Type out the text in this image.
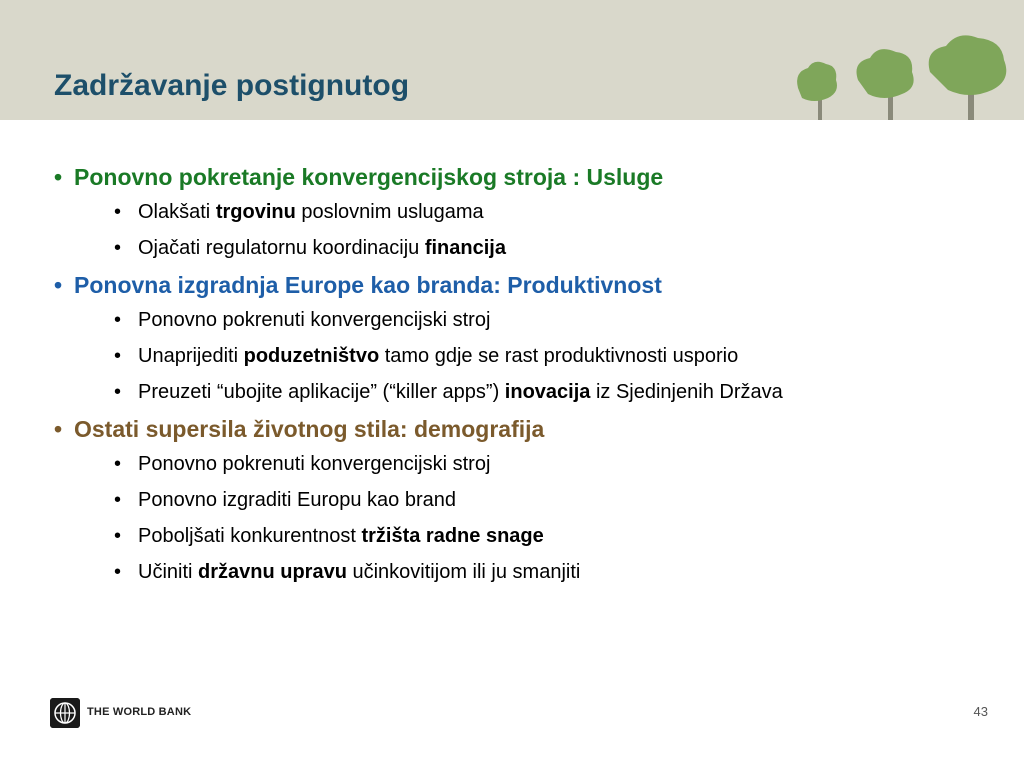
Zadržavanje postignutog
• Ponovno pokretanje konvergencijskog stroja : Usluge
• Olakšati trgovinu poslovnim uslugama
• Ojačati regulatornu koordinaciju financija
• Ponovna izgradnja Europe kao branda: Produktivnost
• Ponovno pokrenuti konvergencijski stroj
• Unaprijediti poduzetništvo tamo gdje se rast produktivnosti usporio
• Preuzeti “ubojite aplikacije” (“killer apps”) inovacija iz Sjedinjenih Država
• Ostati supersila životnog stila: demografija
• Ponovno pokrenuti konvergencijski stroj
• Ponovno izgraditi Europu kao brand
• Poboljšati konkurentnost tržišta radne snage
• Učiniti državnu upravu učinkovitijom ili ju smanjiti
THE WORLD BANK	43
